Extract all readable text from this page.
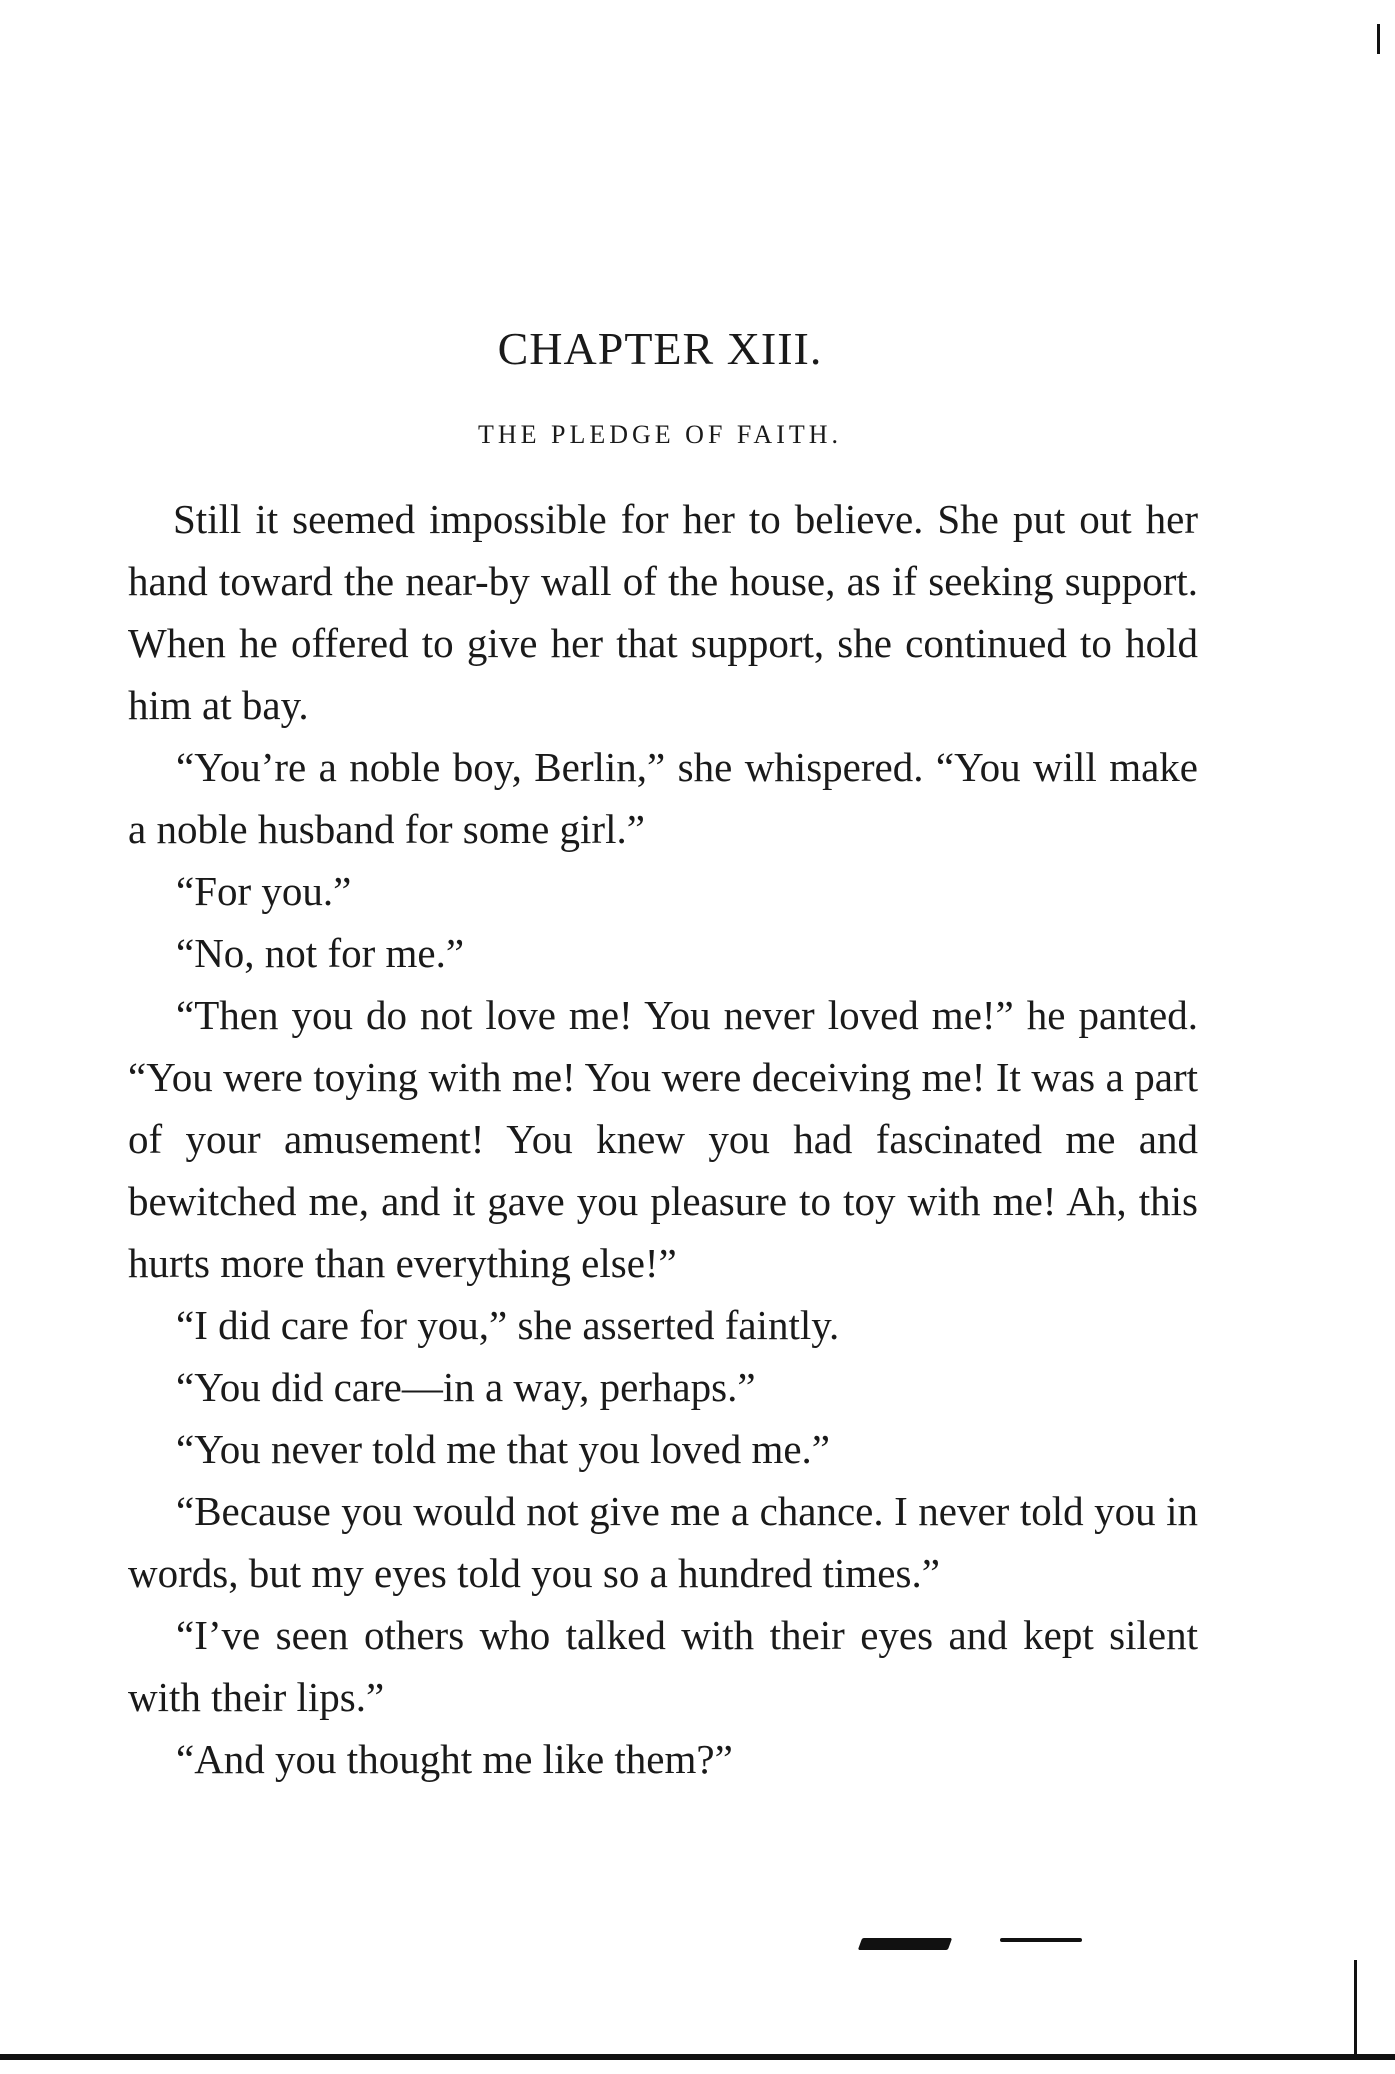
CHAPTER XIII.
THE PLEDGE OF FAITH.

Still it seemed impossible for her to believe. She put out her hand toward the near-by wall of the house, as if seeking support. When he offered to give her that support, she continued to hold him at bay.

“You’re a noble boy, Berlin,” she whispered. “You will make a noble husband for some girl.”

“For you.”

“No, not for me.”

“Then you do not love me! You never loved me!” he panted. “You were toying with me! You were deceiving me! It was a part of your amusement! You knew you had fascinated me and bewitched me, and it gave you pleasure to toy with me! Ah, this hurts more than everything else!”

“I did care for you,” she asserted faintly.

“You did care—in a way, perhaps.”

“You never told me that you loved me.”

“Because you would not give me a chance. I never told you in words, but my eyes told you so a hundred times.”

“I’ve seen others who talked with their eyes and kept silent with their lips.”

“And you thought me like them?”
